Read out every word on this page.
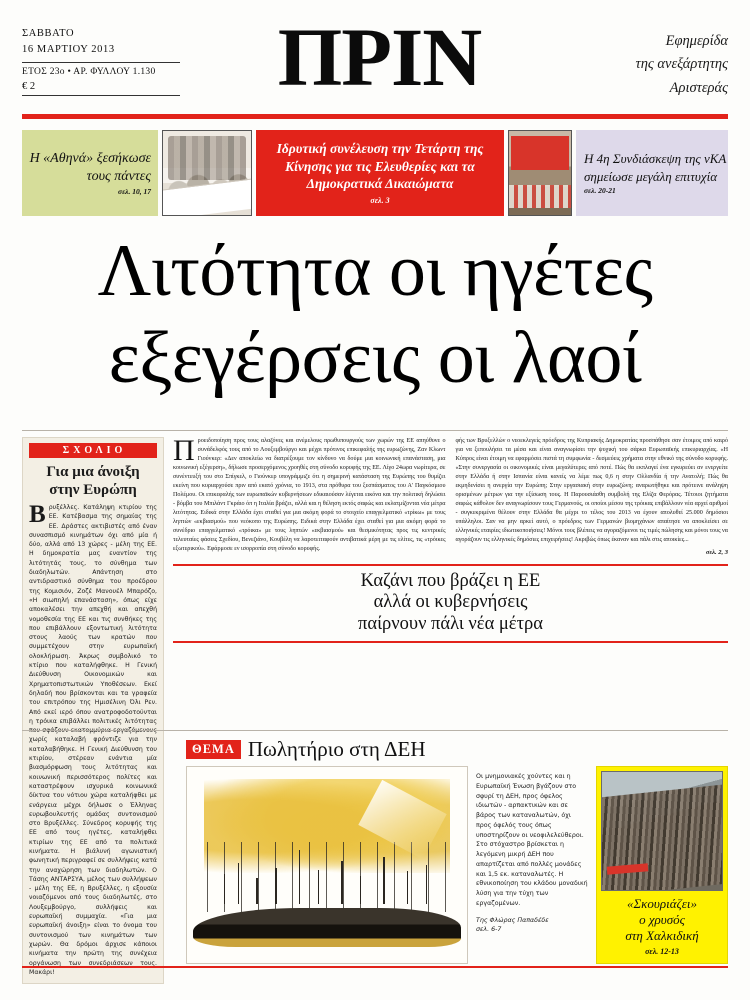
ΣΑΒΒΑΤΟ
16 ΜΑΡΤΙΟΥ 2013
ΕΤΟΣ 23ο • ΑΡ. ΦΥΛΛΟΥ 1.130
€ 2	ΠΡΙΝ	Εφημερίδα
της ανεξάρτητης
Αριστεράς
Η «Αθηνά» ξεσήκωσε τους πάντες
σελ. 10, 17
Ιδρυτική συνέλευση την Τετάρτη της Κίνησης για τις Ελευθερίες και τα Δημοκρατικά Δικαιώματα
σελ. 3
Η 4η Συνδιάσκεψη της νΚΑ σημείωσε μεγάλη επιτυχία
σελ. 20-21
Λιτότητα οι ηγέτες
εξεγέρσεις οι λαοί
ΣΧΟΛΙΟ
Για μια άνοιξη
στην Ευρώπη
Βρυξέλλες. Κατάληψη κτιρίου της ΕΕ. Κατέβασμα της σημαίας της ΕΕ. Δράστες ακτιβιστές από έναν συνασπισμό κινημάτων όχι από μία ή δύο, αλλά από 13 χώρες - μέλη της ΕΕ. Η δημοκρατία μας εναντίον της λιτότητάς τους, το σύνθημα των διαδηλωτών. Απάντηση στο αντιδραστικό σύνθημα του προέδρου της Κομισιόν, Ζοζέ Μανουέλ Μπαρόζο, «Η σιωπηλή επανάσταση», όπως είχε αποκαλέσει την απεχθή και απεχθή νομοθεσία της ΕΕ και τις συνθήκες της που επιβάλλουν εξοντωτική λιτότητα στους λαούς των κρατών που συμμετέχουν στην ευρωπαϊκή ολοκλήρωση. Άκρως συμβολικό το κτίριο που καταλήφθηκε. Η Γενική Διεύθυνση Οικονομικών και Χρηματοπιστωτικών Υποθέσεων. Εκεί δηλαδή που βρίσκονται και τα γραφεία του επιτρόπου της Ημισέλινη Όλι Ρεν. Από εκεί ιερό όπου ανατροφοδοτούνται η τρόικα επιβάλλει πολιτικές λιτότητας που σφάζουν εκατομμύρια εργαζόμενους χωρίς καταλαβή φρόντιζε για την καταλαβήθηκε. Η Γενική Διεύθυνση του κτιρίου, στέρεαν ενάντια μία βιασμόρφωση τους λιτότητας και κοινωνική περισσότερος πολίτες και καταστρέφουν ισχυρικά κοινωνικά δίκτυα του νότιου χώρα καταλήφθει με ενάργεια μέχρι δήλωσε ο Έλληνας ευρωβουλευτής ομάδας συντονισμού στο Βρυξέλλες. Σύνεδρος κορυφής της ΕΕ από τους ηγέτες, καταλήφθει κτιρίων της ΕΕ από τα πολιτικά κινήματα. Η βιάλυνή αγωνιστική φωνητική περιγραφεί σε συλλήψεις κατά την αναχώρηση των διαδηλωτών. Ο Τάσης ΑΝΤΑΡΣΥΑ, μέλος των συλλήψεων - μέλη της ΕΕ, η Βρυξέλλες, η εξουσία νοιαζόμενοι από τους διαδηλωτές, στο Λουξεμβούργο, συλλήψεις και ευρωπαϊκή συμμαχία. «Για μια ευρωπαϊκή άνοιξη» είναι το όνομα του συντονισμού των κινημάτων των χωρών. Θα δρόμοι άρχισε κάποιοι κινήματα την πρώτη της συνέχεια οργάνωση των συνεδριάσεων τους. Μακάρι!

Προειδοποίηση προς τους αλαζόνες και ανέμελους πρωθυπουργούς των χωρών της ΕΕ απηύθυνε ο συνάδελφός τους από το Λουξεμβούργο και μέχρι πρότινος επικεφαλής της ευρωζώνης, Ζαν Κλωντ Γιούνκερ: «Δεν αποκλείω να διατρέξουμε τον κίνδυνο να δούμε μια κοινωνική επανάσταση, μια κοινωνική εξέγερση», δήλωσε προσερχόμενος χροηθές στη σύνοδο κορυφής της ΕΕ. Λίγο 24ωρα νωρίτερα, σε συνέντευξή του στο Σπίγκελ, ο Γιούνκερ υπογράμμιζε ότι η σημερινή κατάσταση της Ευρώπης του θυμίζει εκείνη που κυριαρχούσε πριν από εκατό χρόνια, το 1913, στα πρόθυρα του ξεσπάσματος του Α' Παγκόσμιου Πολέμου. Οι επικεφαλής των ευρωπαϊκών κυβερνήσεων εδικαιούσαν λέγεται εικόνα και την πολιτική δηλώσει - βόμβα του Μπιλάντ Γκράιο όπ η Ιταλία βράζει, αλλά και η θέληση εκτός σαφώς και εκλατμίζονται νέα μέτρα λιτότητας. Ειδικά στην Ελλάδα έχει σταθεί για μια ακόμη φορά το στοιχείο επαγγελματικό «τρίκω» με τους ληπτών «εκβιασμού» που νεόκοπο της Ευρώπης. Ειδικά στην Ελλάδα έχει σταθεί για μια ακόμη φορά το συνέδριο επαγγελματικό «τρόικα» με τους ληπτών «εκβιασμού» και θεσμικότητας προς τις κεντρικές τελευταίες φάσεις Σχεδίου, Βενεζιάνο, Κουβέλη να λαροτειταφούν αντιβατικά μέρη με τις ελίτες, τις «τρόικες εξωτερικού». Εφάρμοσε εν ισορροπία στη σύνοδο κορυφής.

φής των Βρυξελλών ο νεοεκλεγείς πρόεδρος της Κυπριακής Δημοκρατίας προσπάθησε σαν έτοιμος από καιρό για να ξεπουλήσει τα μέσα και είναι αναγνωρίσει την ψυχική του σάρκα Ευρωπαϊκής επικυριαρχίας. «Η Κύπρος είναι έτοιμη να εφαρμόσει πιστά τη συμφωνία - δεσμεύεις χρήματα στην εθνικό της σύνοδο κορυφής. «Στην συνεργασία οι οικονομικές είναι μεγαλύτερες από ποτέ. Πώς θα εκπλαγεί ένα εγκυρεύει αν ενεργείτε στην Ελλάδα ή στην Ισπανία είναι κανείς να λέμε πως 0,6 η στην Ολλανδία ή την Ανατολή; Πώς θα εκμηδενίσει η ανεργία την Ευρώπη; Στην εργασιακή στην ευρωζώνη; αναρωτήθηκε και πρότεινε ανάληψη ορισμένων μέτρων για την εξίσωση τους. Η Παρουσιάσθη συμβολή της Ελίζα Φερόρας. Τέτοιοι ζητήματα σαφώς κάθολον δεν αναγνωρίσουν τους Γερμανούς, οι οποίοι μέσου της τρόικας επιβάλλουν νέα αρχεί αριθμοί - συγκεκριμένα θέλουν στην Ελλάδα θα μέχρι το τέλος του 2013 να έχουν απολυθεί 25.000 δημόσιοι υπάλληλοι. Σαν να μην αρκεί αυτό, ο πρόεδρος των Γερμανών βιομηχάνων απαίτησε να αποκλείσει σε ελληνικές εταιρίες ιδιωτικοποιήσεις! Μόνοι τους βλέπεις να αγοραζόμενοι τις τιμές πώλησης και μόνοι τους να αγοράζουν τις ελληνικές δημόσιες επιχειρήσεις! Ακριβώς όπως έκαναν και πάλι στις αποικίες...

σελ. 2, 3
Καζάνι που βράζει η ΕΕ
αλλά οι κυβερνήσεις
παίρνουν πάλι νέα μέτρα
ΘΕΜΑ Πωλητήριο στη ΔΕΗ
Οι μνημονιακές χούντες και η Ευρωπαϊκή Ένωση βγάζουν στο σφυρί τη ΔΕΗ, προς όφελος ιδιωτών - αρπακτικών και σε βάρος των καταναλωτών, όχι προς όφελός τους όπως υποστηρίζουν οι νεοφιλελεύθεροι. Στο στόχαστρο βρίσκεται η λεγόμενη μικρή ΔΕΗ που απαρτίζεται από πολλές μονάδες και 1,5 εκ. καταναλωτές. Η εθνικοποίηση του κλάδου μοναδική λύση για την τύχη των εργαζομένων.
Της Φλώρας Παπαδέδε
σελ. 6-7
«Σκουριάζει»
ο χρυσός
στη Χαλκιδική
σελ. 12-13
